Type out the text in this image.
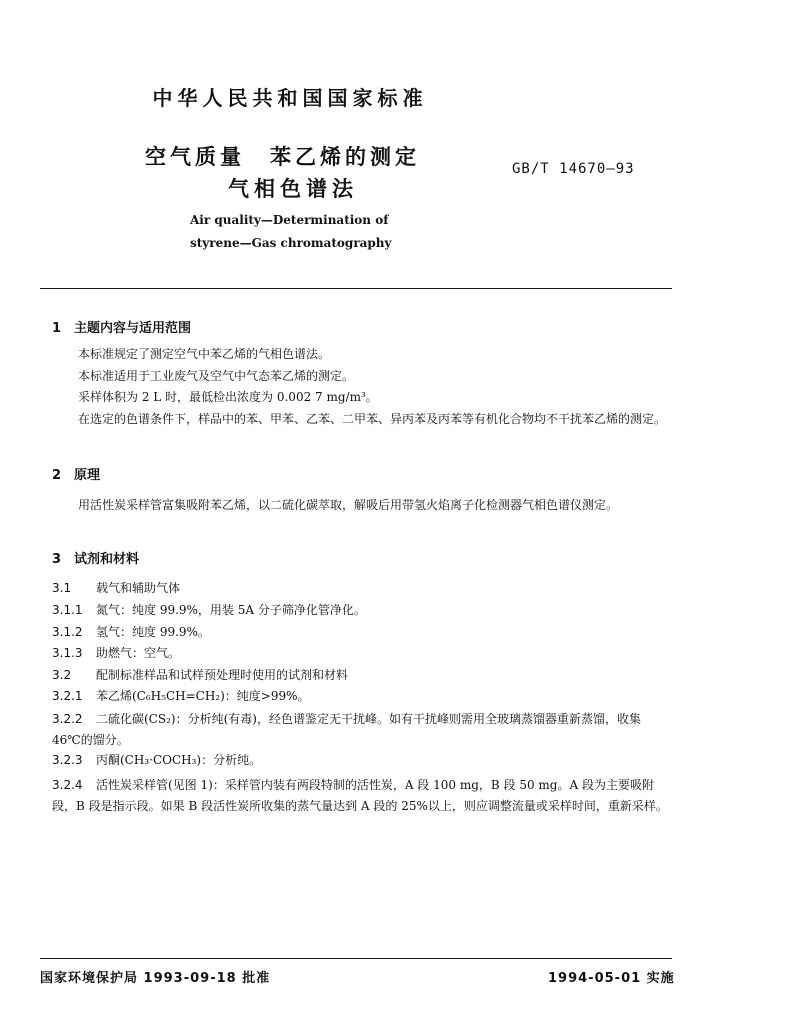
中华人民共和国国家标准
空气质量　苯乙烯的测定
气相色谱法
GB/T 14670—93
Air quality—Determination of
styrene—Gas chromatography
1　主题内容与适用范围
本标准规定了测定空气中苯乙烯的气相色谱法。
本标准适用于工业废气及空气中气态苯乙烯的测定。
采样体积为 2 L 时，最低检出浓度为 0.002 7 mg/m³。
在选定的色谱条件下，样品中的苯、甲苯、乙苯、二甲苯、异丙苯及丙苯等有机化合物均不干扰苯乙烯的测定。
2　原理
用活性炭采样管富集吸附苯乙烯，以二硫化碳萃取，解吸后用带氢火焰离子化检测器气相色谱仪测定。
3　试剂和材料
3.1 载气和辅助气体
3.1.1 氮气：纯度 99.9%，用装 5A 分子筛净化管净化。
3.1.2 氢气：纯度 99.9%。
3.1.3 助燃气：空气。
3.2 配制标准样品和试样预处理时使用的试剂和材料
3.2.1 苯乙烯(C₆H₅CH=CH₂)：纯度>99%。
3.2.2 二硫化碳(CS₂)：分析纯(有毒)，经色谱鉴定无干扰峰。如有干扰峰则需用全玻璃蒸馏器重新蒸馏，收集 46℃的馏分。
3.2.3 丙酮(CH₃·COCH₃)：分析纯。
3.2.4 活性炭采样管(见图 1)：采样管内装有两段特制的活性炭，A 段 100 mg，B 段 50 mg。A 段为主要吸附段，B 段是指示段。如果 B 段活性炭所收集的蒸气量达到 A 段的 25%以上，则应调整流量或采样时间，重新采样。
国家环境保护局 1993-09-18 批准	1994-05-01 实施
